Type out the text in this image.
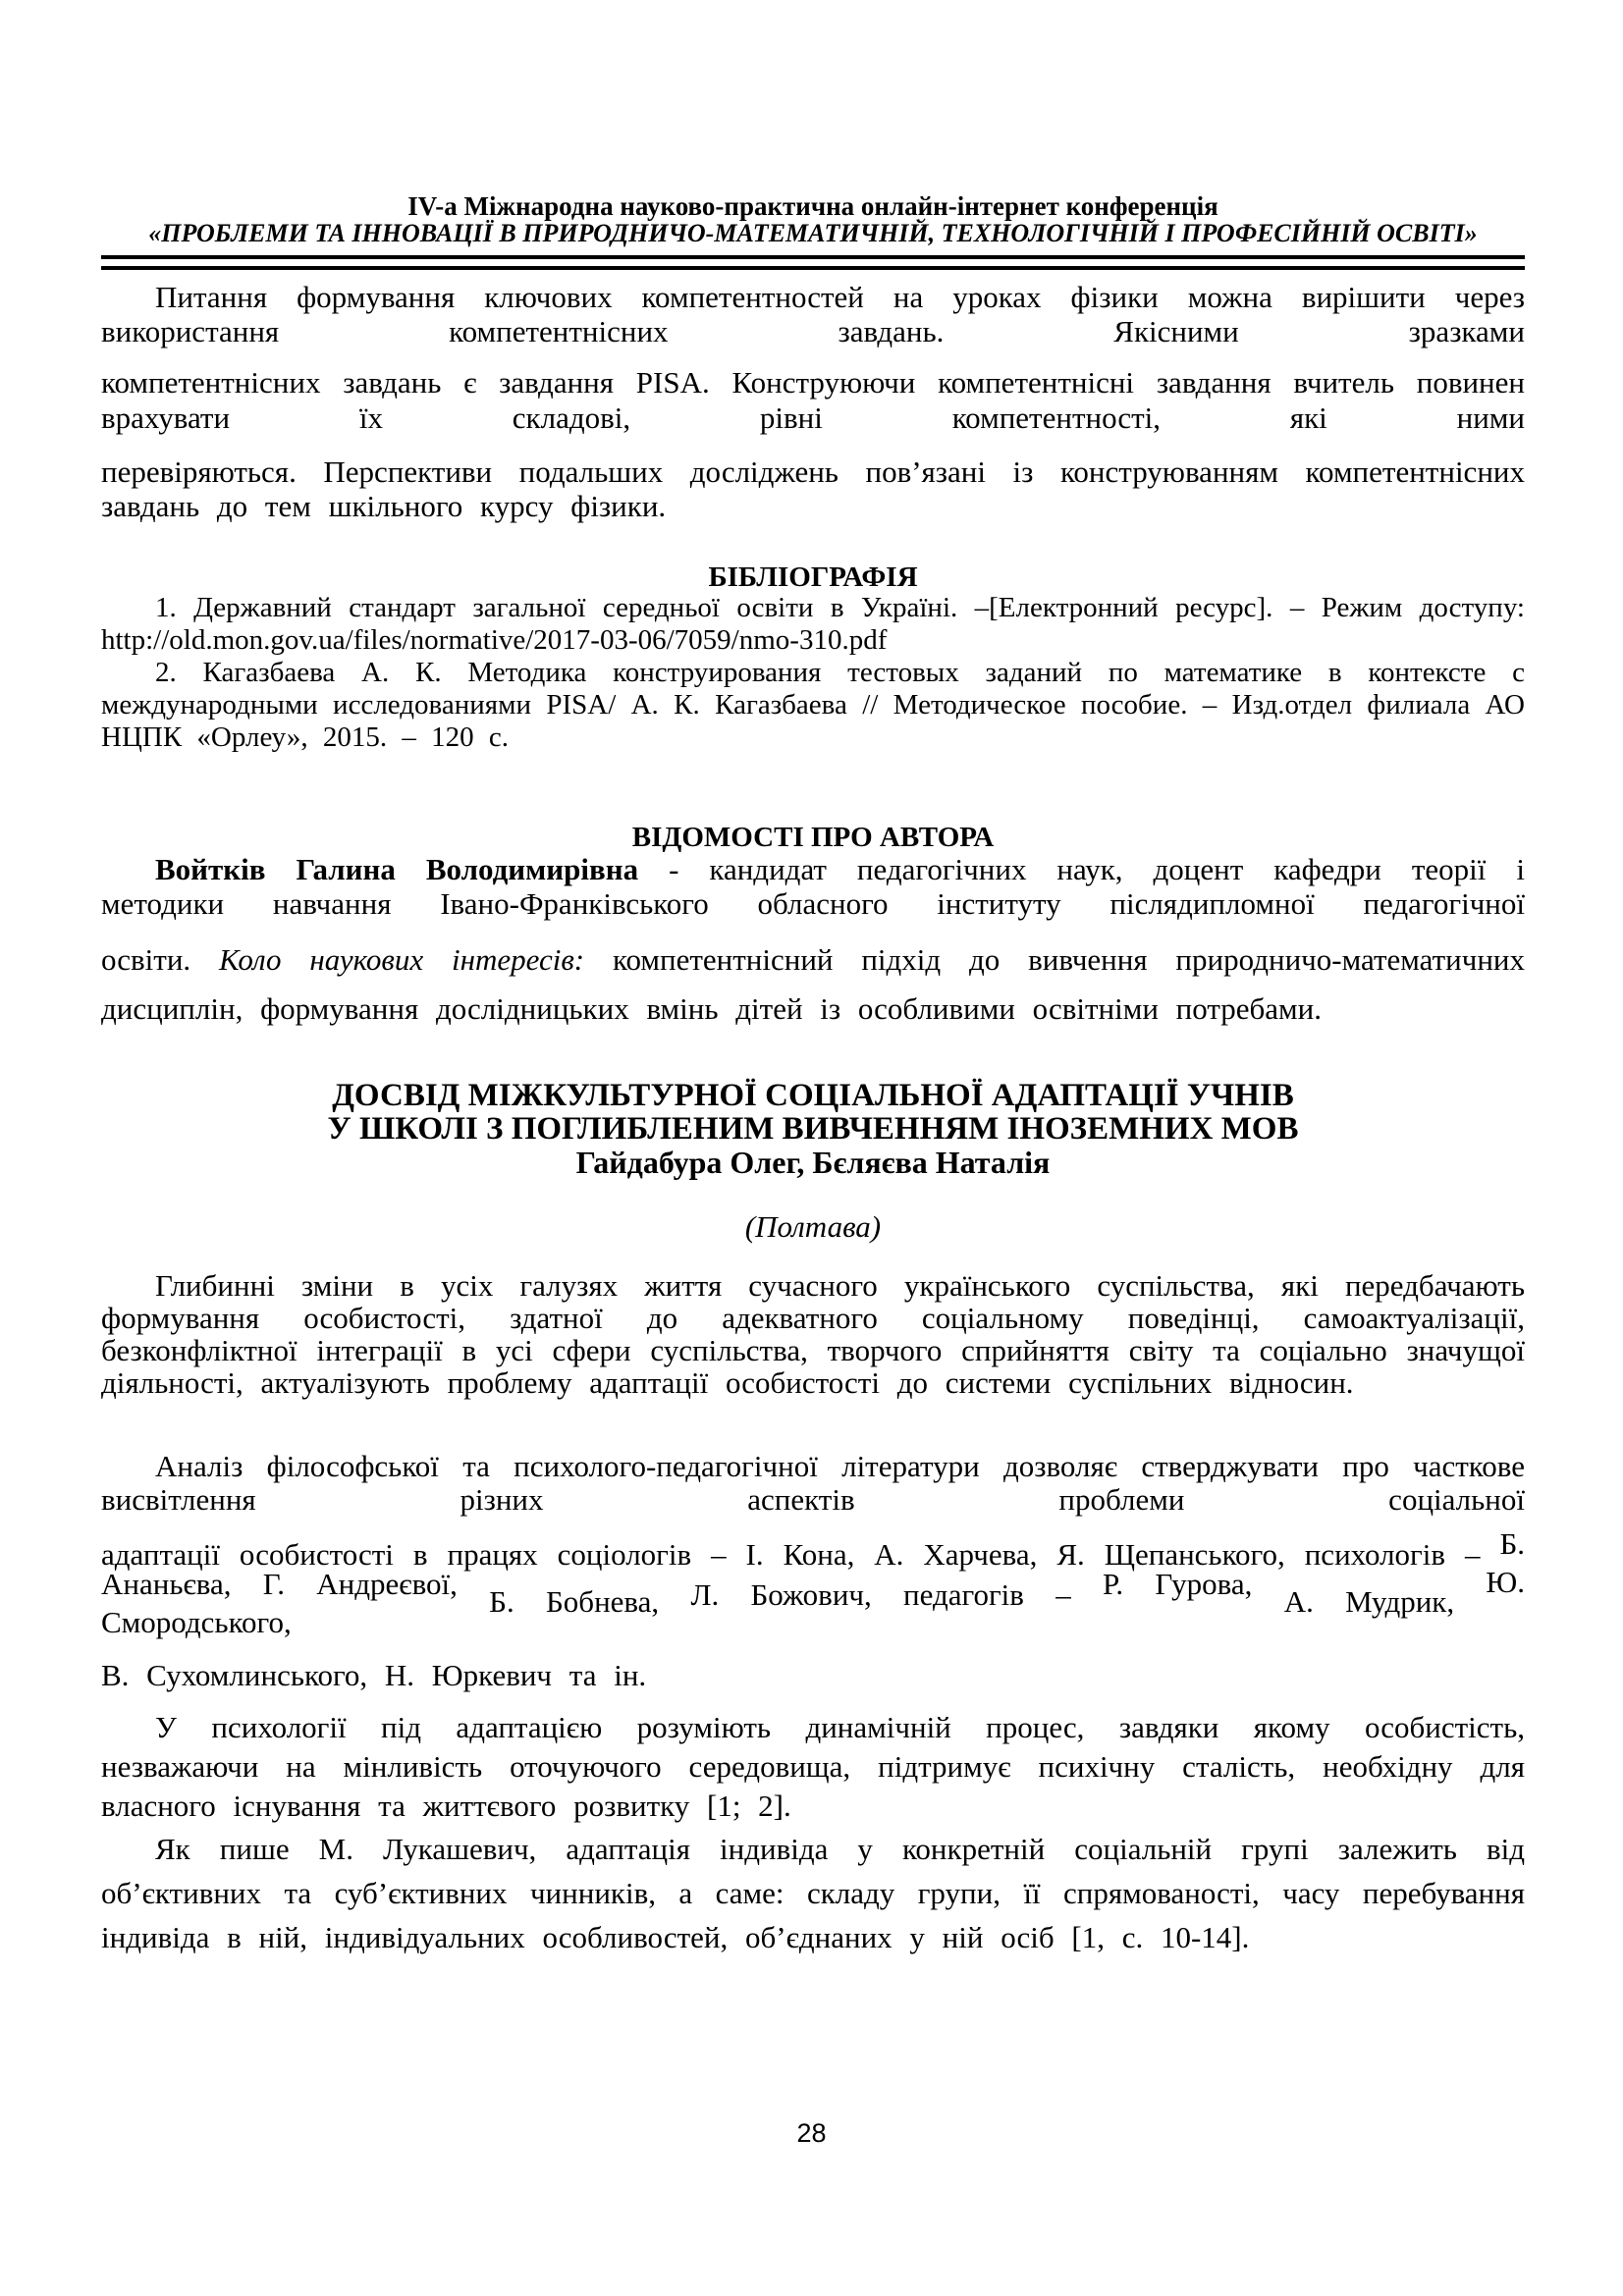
IV-а Міжнародна науково-практична онлайн-інтернет конференція
«ПРОБЛЕМИ ТА ІННОВАЦІЇ В ПРИРОДНИЧО-МАТЕМАТИЧНІЙ, ТЕХНОЛОГІЧНІЙ І ПРОФЕСІЙНІЙ ОСВІТІ»

Питання формування ключових компетентностей на уроках фізики можна вирішити через використання компетентнісних завдань. Якісними зразками

компетентнісних завдань є завдання PISA. Конструюючи компетентнісні завдання вчитель повинен врахувати їх складові, рівні компетентності, які ними

перевіряються. Перспективи подальших досліджень пов’язані із конструюванням компетентнісних завдань до тем шкільного курсу фізики.

БІБЛІОГРАФІЯ

1. Державний стандарт загальної середньої освіти в Україні. –[Електронний ресурс]. – Режим доступу: http://old.mon.gov.ua/files/normative/2017-03-06/7059/nmo-310.pdf

2. Кагазбаева А. К. Методика конструирования тестовых заданий по математике в контексте с международными исследованиями PISA/ А. К. Кагазбаева // Методическое пособие. – Изд.отдел филиала АО НЦПК «Орлеу», 2015. – 120 с.

ВІДОМОСТІ ПРО АВТОРА

Войтків Галина Володимирівна - кандидат педагогічних наук, доцент кафедри теорії і методики навчання Івано-Франківського обласного інституту післядипломної педагогічної

освіти. Коло наукових інтересів: компетентнісний підхід до вивчення природничо-математичних дисциплін, формування дослідницьких вмінь дітей із особливими освітніми потребами.

ДОСВІД МІЖКУЛЬТУРНОЇ СОЦІАЛЬНОЇ АДАПТАЦІЇ УЧНІВ
У ШКОЛІ З ПОГЛИБЛЕНИМ ВИВЧЕННЯМ ІНОЗЕМНИХ МОВ
Гайдабура Олег, Бєляєва Наталія
(Полтава)

Глибинні зміни в усіх галузях життя сучасного українського суспільства, які передбачають формування особистості, здатної до адекватного соціальному поведінці, самоактуалізації, безконфліктної інтеграції в усі сфери суспільства, творчого сприйняття світу та соціально значущої діяльності, актуалізують проблему адаптації особистості до системи суспільних відносин.

Аналіз філософської та психолого-педагогічної літератури дозволяє стверджувати про часткове висвітлення різних аспектів проблеми соціальної

адаптації особистості в працях соціологів – І. Кона, А. Харчева, Я. Щепанського, психологів – Б. Ананьєва, Г. Андреєвої, Б. Бобнева, Л. Божович, педагогів – Р. Гурова, А. Мудрик, Ю. Смородського,
В. Сухомлинського, Н. Юркевич та ін.

У психології під адаптацією розуміють динамічній процес, завдяки якому особистість, незважаючи на мінливість оточуючого середовища, підтримує психічну сталість, необхідну для власного існування та життєвого розвитку [1; 2].

Як пише М. Лукашевич, адаптація індивіда у конкретній соціальній групі залежить від об’єктивних та суб’єктивних чинників, а саме: складу групи, її спрямованості, часу перебування індивіда в ній, індивідуальних особливостей, об’єднаних у ній осіб [1, с. 10-14].

28
